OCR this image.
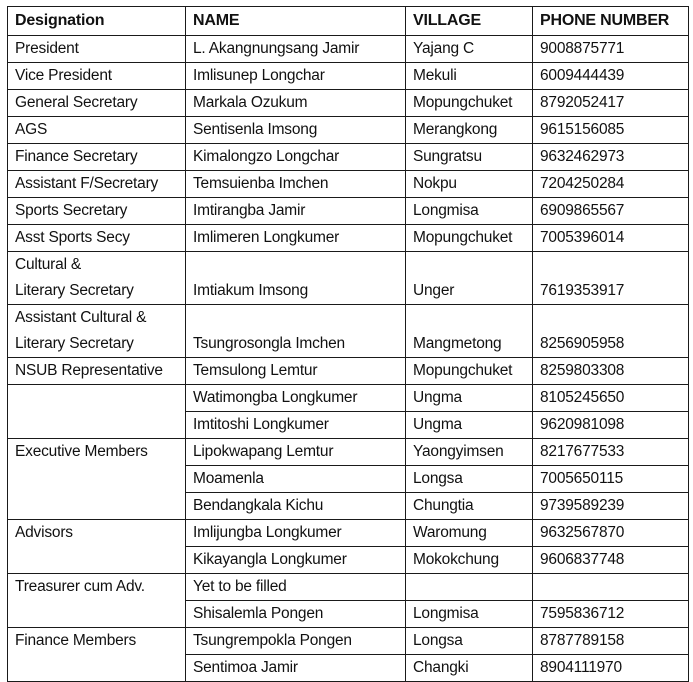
Designation	NAME	VILLAGE	PHONE NUMBER
President	L. Akangnungsang Jamir	Yajang C	9008875771
Vice President	Imlisunep Longchar	Mekuli	6009444439
General Secretary	Markala Ozukum	Mopungchuket	8792052417
AGS	Sentisenla Imsong	Merangkong	9615156085
Finance Secretary	Kimalongzo Longchar	Sungratsu	9632462973
Assistant F/Secretary	Temsuienba Imchen	Nokpu	7204250284
Sports Secretary	Imtirangba Jamir	Longmisa	6909865567
Asst Sports Secy	Imlimeren Longkumer	Mopungchuket	7005396014
Cultural &
Literary Secretary	Imtiakum Imsong	Unger	7619353917
Assistant Cultural &
Literary Secretary	Tsungrosongla Imchen	Mangmetong	8256905958
NSUB Representative	Temsulong Lemtur	Mopungchuket	8259803308
	Watimongba Longkumer	Ungma	8105245650
	Imtitoshi Longkumer	Ungma	9620981098
Executive Members	Lipokwapang Lemtur	Yaongyimsen	8217677533
	Moamenla	Longsa	7005650115
	Bendangkala Kichu	Chungtia	9739589239
Advisors	Imlijungba Longkumer	Waromung	9632567870
	Kikayangla Longkumer	Mokokchung	9606837748
Treasurer cum Adv.	Yet to be filled		
	Shisalemla Pongen	Longmisa	7595836712
Finance Members	Tsungrempokla Pongen	Longsa	8787789158
	Sentimoa Jamir	Changki	8904111970
